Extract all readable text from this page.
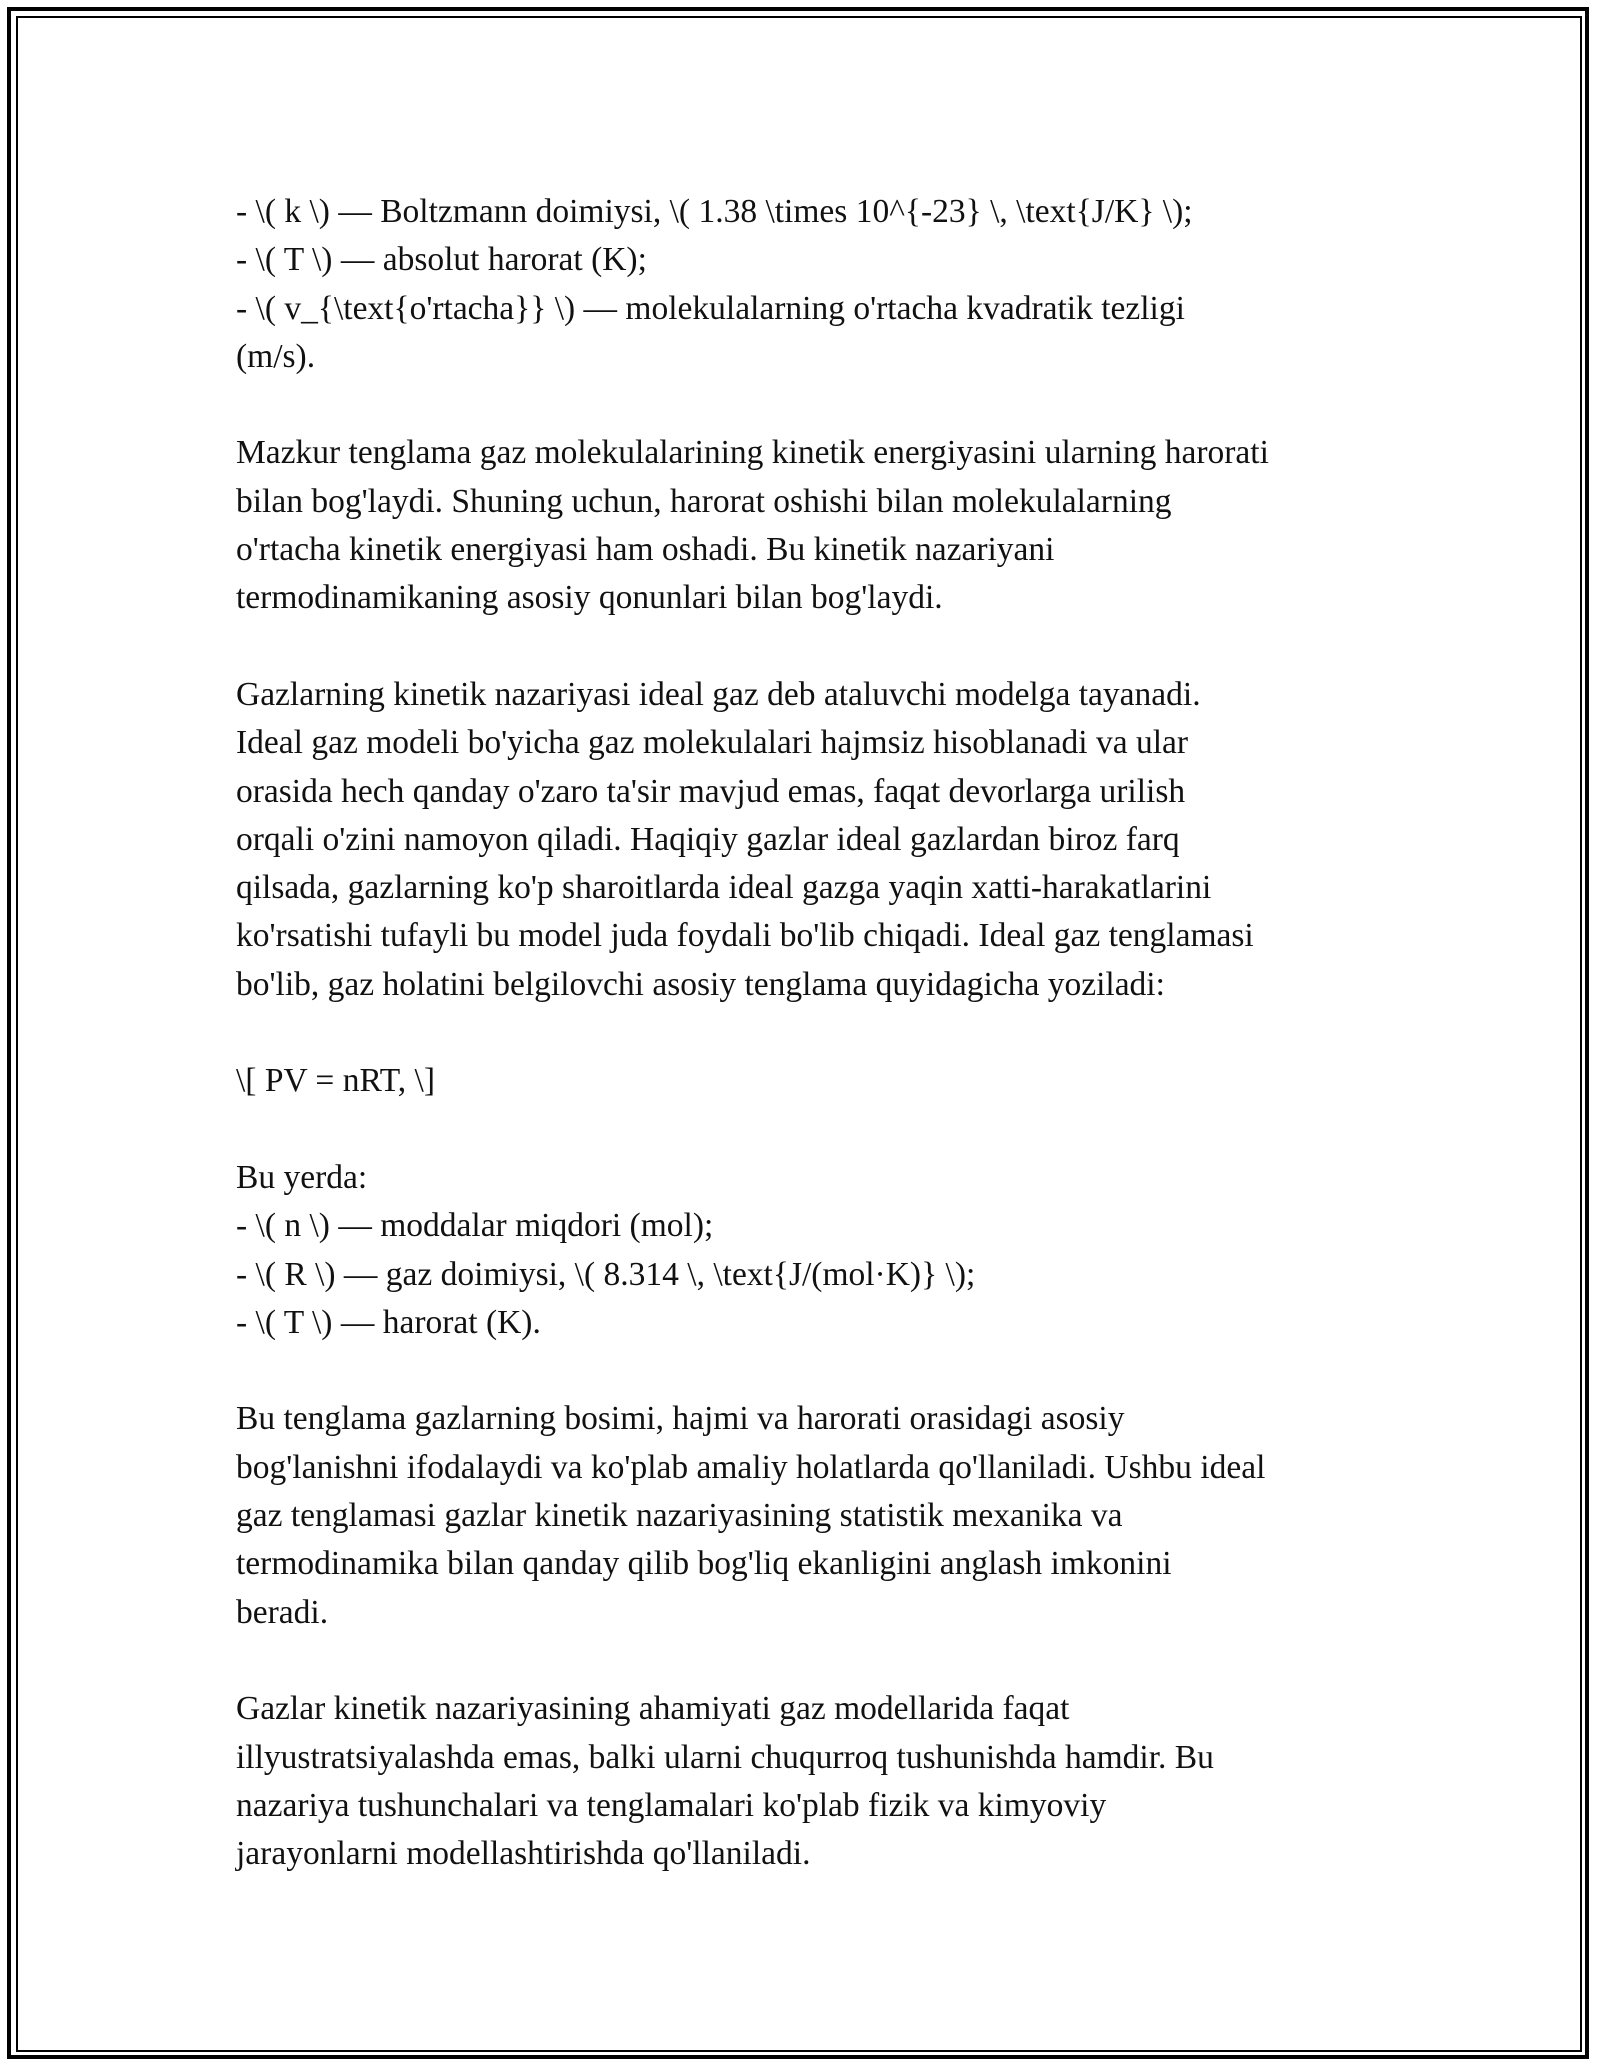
- \( k \) — Boltzmann doimiysi, \( 1.38 \times 10^{-23} \, \text{J/K} \);
- \( T \) — absolut harorat (K);
- \( v_{\text{o'rtacha}} \) — molekulalarning o'rtacha kvadratik tezligi
(m/s).
Mazkur tenglama gaz molekulalarining kinetik energiyasini ularning harorati
bilan bog'laydi. Shuning uchun, harorat oshishi bilan molekulalarning
o'rtacha kinetik energiyasi ham oshadi. Bu kinetik nazariyani
termodinamikaning asosiy qonunlari bilan bog'laydi.
Gazlarning kinetik nazariyasi ideal gaz deb ataluvchi modelga tayanadi.
Ideal gaz modeli bo'yicha gaz molekulalari hajmsiz hisoblanadi va ular
orasida hech qanday o'zaro ta'sir mavjud emas, faqat devorlarga urilish
orqali o'zini namoyon qiladi. Haqiqiy gazlar ideal gazlardan biroz farq
qilsada, gazlarning ko'p sharoitlarda ideal gazga yaqin xatti-harakatlarini
ko'rsatishi tufayli bu model juda foydali bo'lib chiqadi. Ideal gaz tenglamasi
bo'lib, gaz holatini belgilovchi asosiy tenglama quyidagicha yoziladi:
\[ PV = nRT, \]
Bu yerda:
- \( n \) — moddalar miqdori (mol);
- \( R \) — gaz doimiysi, \( 8.314 \, \text{J/(mol·K)} \);
- \( T \) — harorat (K).
Bu tenglama gazlarning bosimi, hajmi va harorati orasidagi asosiy
bog'lanishni ifodalaydi va ko'plab amaliy holatlarda qo'llaniladi. Ushbu ideal
gaz tenglamasi gazlar kinetik nazariyasining statistik mexanika va
termodinamika bilan qanday qilib bog'liq ekanligini anglash imkonini
beradi.
Gazlar kinetik nazariyasining ahamiyati gaz modellarida faqat
illyustratsiyalashda emas, balki ularni chuqurroq tushunishda hamdir. Bu
nazariya tushunchalari va tenglamalari ko'plab fizik va kimyoviy
jarayonlarni modellashtirishda qo'llaniladi.
